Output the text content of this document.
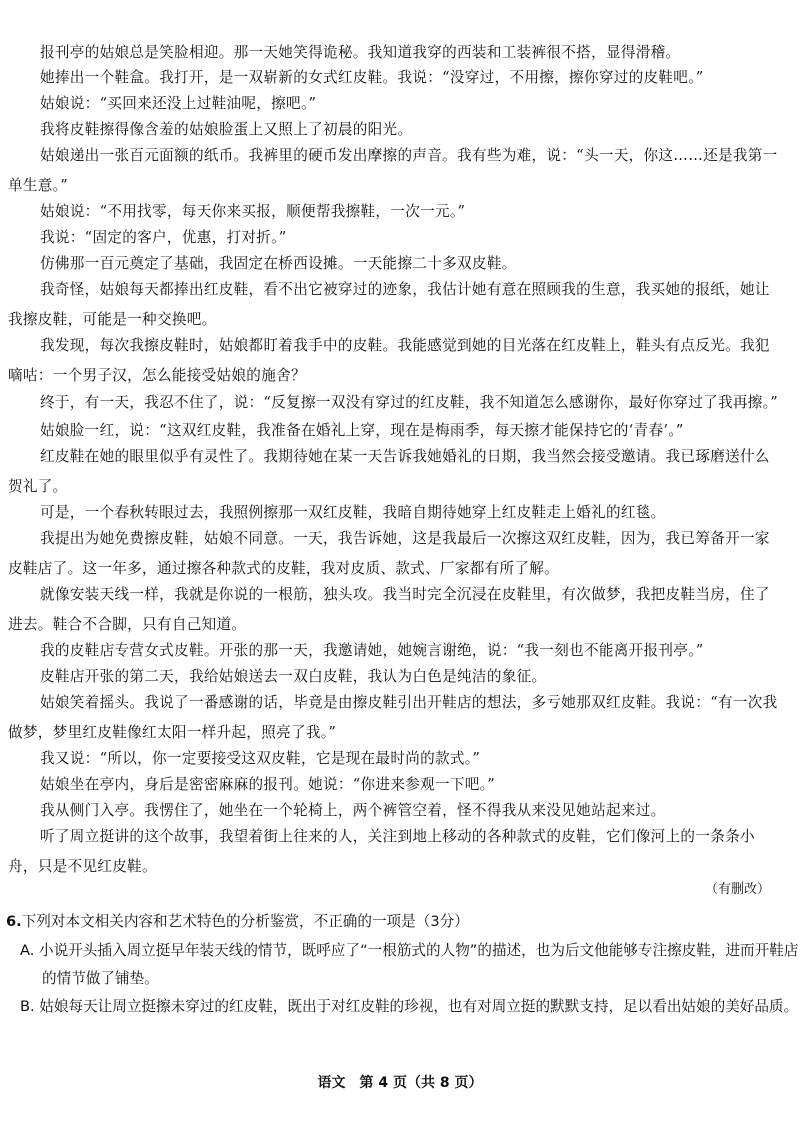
报刊亭的姑娘总是笑脸相迎。那一天她笑得诡秘。我知道我穿的西装和工装裤很不搭，显得滑稽。

她捧出一个鞋盒。我打开，是一双崭新的女式红皮鞋。我说：“没穿过，不用擦，擦你穿过的皮鞋吧。”

姑娘说：“买回来还没上过鞋油呢，擦吧。”

我将皮鞋擦得像含羞的姑娘脸蛋上又照上了初晨的阳光。

姑娘递出一张百元面额的纸币。我裤里的硬币发出摩擦的声音。我有些为难，说：“头一天，你这……还是我第一单生意。”

姑娘说：“不用找零，每天你来买报，顺便帮我擦鞋，一次一元。”

我说：“固定的客户，优惠，打对折。”

仿佛那一百元奠定了基础，我固定在桥西设摊。一天能擦二十多双皮鞋。

我奇怪，姑娘每天都捧出红皮鞋，看不出它被穿过的迹象，我估计她有意在照顾我的生意，我买她的报纸，她让我擦皮鞋，可能是一种交换吧。

我发现，每次我擦皮鞋时，姑娘都盯着我手中的皮鞋。我能感觉到她的目光落在红皮鞋上，鞋头有点反光。我犯嘀咕：一个男子汉，怎么能接受姑娘的施舍？

终于，有一天，我忍不住了，说：“反复擦一双没有穿过的红皮鞋，我不知道怎么感谢你，最好你穿过了我再擦。”

姑娘脸一红，说：“这双红皮鞋，我准备在婚礼上穿，现在是梅雨季，每天擦才能保持它的‘青春’。”

红皮鞋在她的眼里似乎有灵性了。我期待她在某一天告诉我她婚礼的日期，我当然会接受邀请。我已琢磨送什么贺礼了。

可是，一个春秋转眼过去，我照例擦那一双红皮鞋，我暗自期待她穿上红皮鞋走上婚礼的红毯。

我提出为她免费擦皮鞋，姑娘不同意。一天，我告诉她，这是我最后一次擦这双红皮鞋，因为，我已筹备开一家皮鞋店了。这一年多，通过擦各种款式的皮鞋，我对皮质、款式、厂家都有所了解。

就像安装天线一样，我就是你说的一根筋，独头攻。我当时完全沉浸在皮鞋里，有次做梦，我把皮鞋当房，住了进去。鞋合不合脚，只有自己知道。

我的皮鞋店专营女式皮鞋。开张的那一天，我邀请她，她婉言谢绝，说：“我一刻也不能离开报刊亭。”

皮鞋店开张的第二天，我给姑娘送去一双白皮鞋，我认为白色是纯洁的象征。

姑娘笑着摇头。我说了一番感谢的话，毕竟是由擦皮鞋引出开鞋店的想法，多亏她那双红皮鞋。我说：“有一次我做梦，梦里红皮鞋像红太阳一样升起，照亮了我。”

我又说：“所以，你一定要接受这双皮鞋，它是现在最时尚的款式。”

姑娘坐在亭内，身后是密密麻麻的报刊。她说：“你进来参观一下吧。”

我从侧门入亭。我愣住了，她坐在一个轮椅上，两个裤管空着，怪不得我从来没见她站起来过。

听了周立挺讲的这个故事，我望着街上往来的人，关注到地上移动的各种款式的皮鞋，它们像河上的一条条小舟，只是不见红皮鞋。

（有删改）

6.下列对本文相关内容和艺术特色的分析鉴赏，不正确的一项是（3分）

A. 小说开头插入周立挺早年装天线的情节，既呼应了“一根筋式的人物”的描述，也为后文他能够专注擦皮鞋，进而开鞋店的情节做了铺垫。

B. 姑娘每天让周立挺擦未穿过的红皮鞋，既出于对红皮鞋的珍视，也有对周立挺的默默支持，足以看出姑娘的美好品质。

语文　第 4 页（共 8 页）
